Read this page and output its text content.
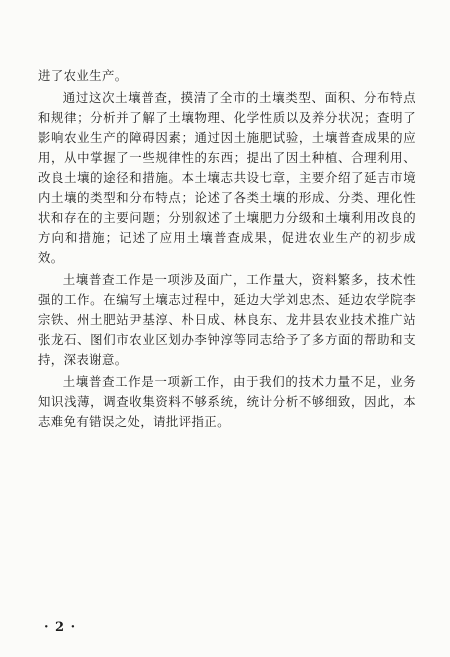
进了农业生产。

通过这次土壤普查，摸清了全市的土壤类型、面积、分布特点和规律；分析并了解了土壤物理、化学性质以及养分状况；查明了影响农业生产的障碍因素；通过因土施肥试验，土壤普查成果的应用，从中掌握了一些规律性的东西；提出了因土种植、合理利用、改良土壤的途径和措施。本土壤志共设七章，主要介绍了延吉市境内土壤的类型和分布特点；论述了各类土壤的形成、分类、理化性状和存在的主要问题；分别叙述了土壤肥力分级和土壤利用改良的方向和措施；记述了应用土壤普查成果，促进农业生产的初步成效。

土壤普查工作是一项涉及面广，工作量大，资料繁多，技术性强的工作。在编写土壤志过程中，延边大学刘忠杰、延边农学院李宗铁、州土肥站尹基淳、朴日成、林良东、龙井县农业技术推广站张龙石、图们市农业区划办李钟淳等同志给予了多方面的帮助和支持，深表谢意。

土壤普查工作是一项新工作，由于我们的技术力量不足，业务知识浅薄，调查收集资料不够系统，统计分析不够细致，因此，本志难免有错误之处，请批评指正。

· 2 ·
